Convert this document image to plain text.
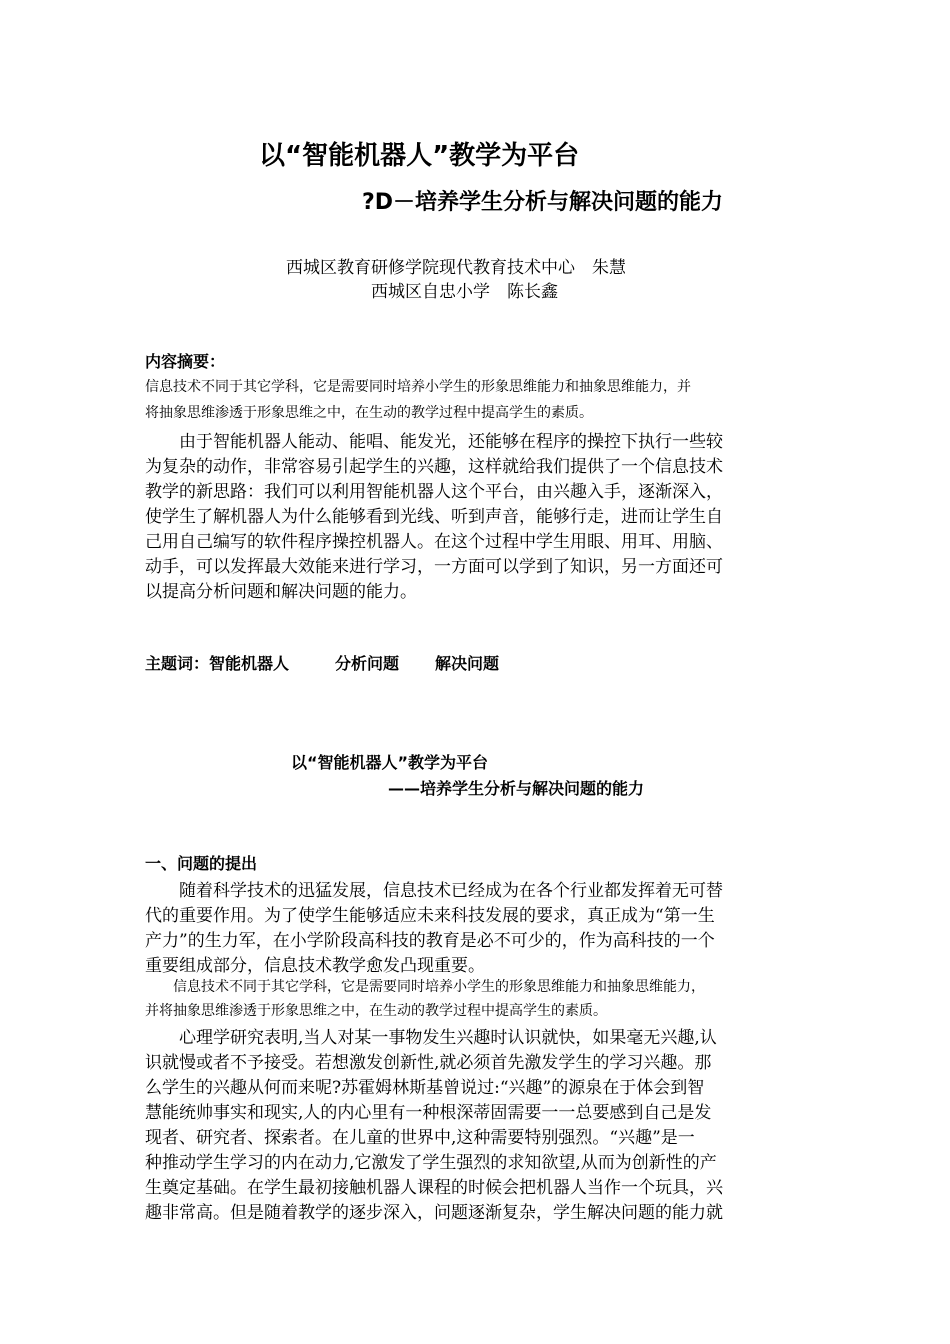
以“智能机器人”教学为平台
?D－培养学生分析与解决问题的能力
西城区教育研修学院现代教育技术中心　朱慧
西城区自忠小学　陈长鑫
内容摘要：
信息技术不同于其它学科，它是需要同时培养小学生的形象思维能力和抽象思维能力，并
将抽象思维渗透于形象思维之中，在生动的教学过程中提高学生的素质。
　　由于智能机器人能动、能唱、能发光，还能够在程序的操控下执行一些较
为复杂的动作，非常容易引起学生的兴趣，这样就给我们提供了一个信息技术
教学的新思路：我们可以利用智能机器人这个平台，由兴趣入手，逐渐深入，
使学生了解机器人为什么能够看到光线、听到声音，能够行走，进而让学生自
己用自己编写的软件程序操控机器人。在这个过程中学生用眼、用耳、用脑、
动手，可以发挥最大效能来进行学习，一方面可以学到了知识，另一方面还可
以提高分析问题和解决问题的能力。
主题词：智能机器人	分析问题 解决问题
以“智能机器人”教学为平台
——培养学生分析与解决问题的能力
一、问题的提出
　　随着科学技术的迅猛发展，信息技术已经成为在各个行业都发挥着无可替
代的重要作用。为了使学生能够适应未来科技发展的要求，真正成为“第一生
产力”的生力军，在小学阶段高科技的教育是必不可少的，作为高科技的一个
重要组成部分，信息技术教学愈发凸现重要。
　　信息技术不同于其它学科，它是需要同时培养小学生的形象思维能力和抽象思维能力，
并将抽象思维渗透于形象思维之中，在生动的教学过程中提高学生的素质。
　　心理学研究表明,当人对某一事物发生兴趣时认识就快，如果毫无兴趣,认
识就慢或者不予接受。若想激发创新性,就必须首先激发学生的学习兴趣。那
么学生的兴趣从何而来呢?苏霍姆林斯基曾说过:“兴趣”的源泉在于体会到智
慧能统帅事实和现实,人的内心里有一种根深蒂固需要一一总要感到自己是发
现者、研究者、探索者。在儿童的世界中,这种需要特别强烈。“兴趣”是一
种推动学生学习的内在动力,它激发了学生强烈的求知欲望,从而为创新性的产
生奠定基础。在学生最初接触机器人课程的时候会把机器人当作一个玩具，兴
趣非常高。但是随着教学的逐步深入，问题逐渐复杂，学生解决问题的能力就
